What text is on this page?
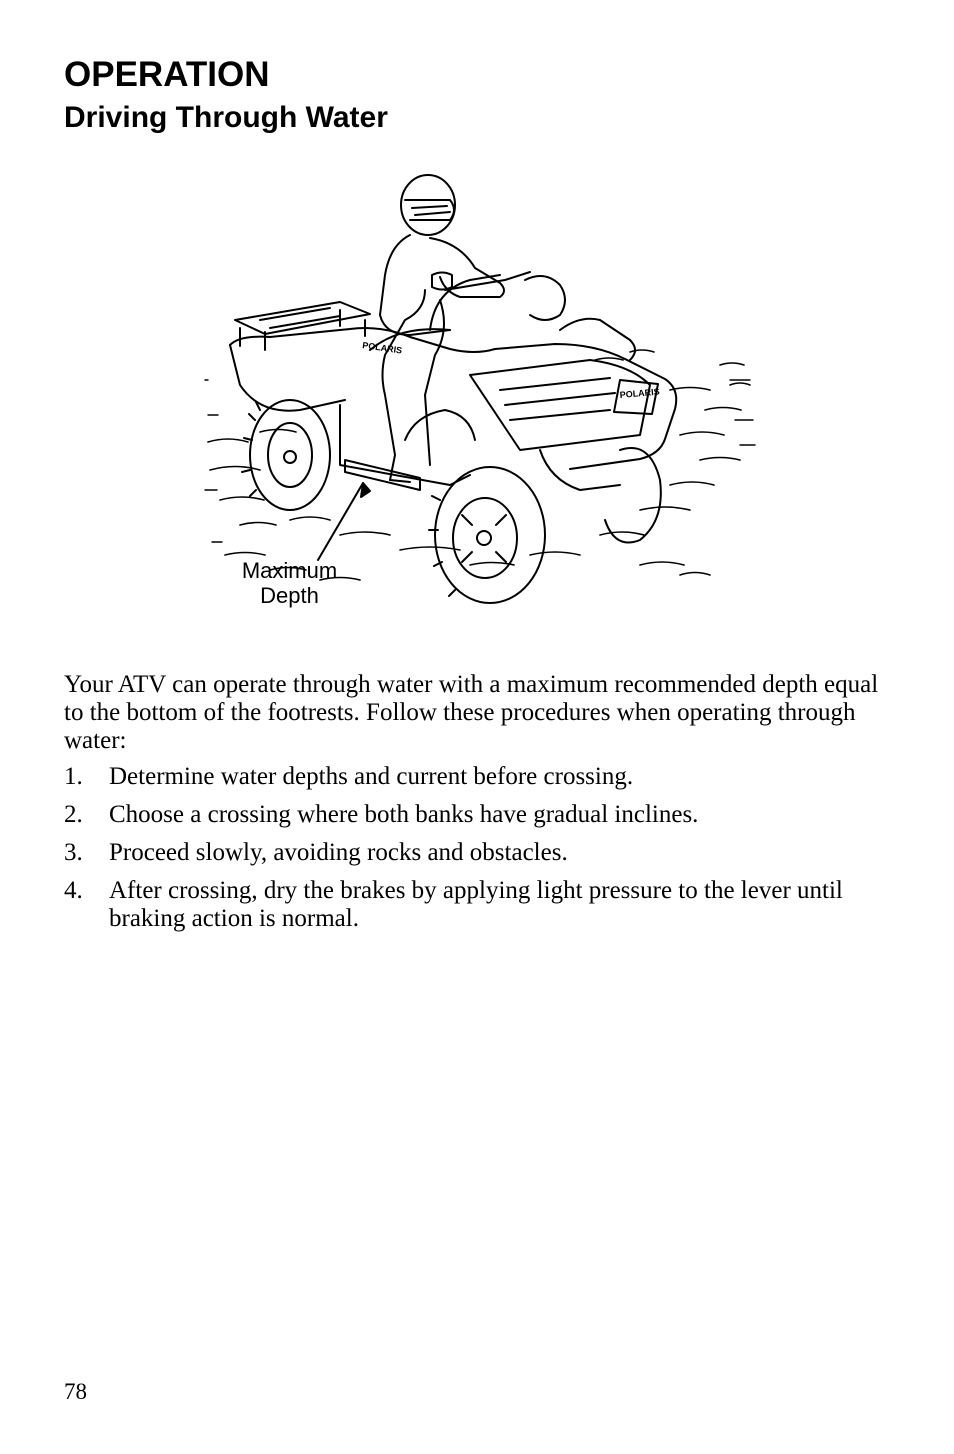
OPERATION
Driving Through Water
POLARIS
POLARIS
Maximum
Depth

Your ATV can operate through water with a maximum recommended depth equal to the bottom of the footrests. Follow these procedures when operating through water:

1. Determine water depths and current before crossing.
2. Choose a crossing where both banks have gradual inclines.
3. Proceed slowly, avoiding rocks and obstacles.
4. After crossing, dry the brakes by applying light pressure to the lever until braking action is normal.
78
